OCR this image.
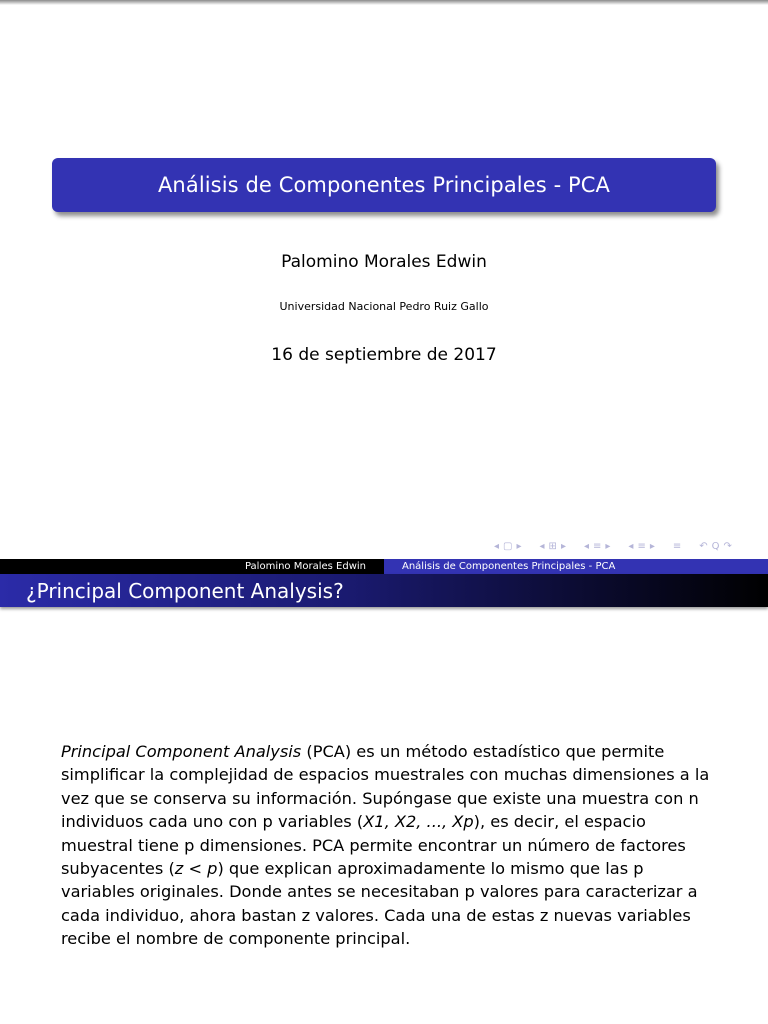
Análisis de Componentes Principales - PCA
Palomino Morales Edwin
Universidad Nacional Pedro Ruiz Gallo
16 de septiembre de 2017
◂ ▢ ▸ ◂ ⊞ ▸ ◂ ≡ ▸ ◂ ≡ ▸ ≡ ↶ Q ↷
Palomino Morales Edwin	Análisis de Componentes Principales - PCA
¿Principal Component Analysis?
Principal Component Analysis (PCA) es un método estadístico que permite
simplificar la complejidad de espacios muestrales con muchas dimensiones a la
vez que se conserva su información. Supóngase que existe una muestra con n
individuos cada uno con p variables (X1, X2, ..., Xp), es decir, el espacio
muestral tiene p dimensiones. PCA permite encontrar un número de factores
subyacentes (z < p) que explican aproximadamente lo mismo que las p
variables originales. Donde antes se necesitaban p valores para caracterizar a
cada individuo, ahora bastan z valores. Cada una de estas z nuevas variables
recibe el nombre de componente principal.
